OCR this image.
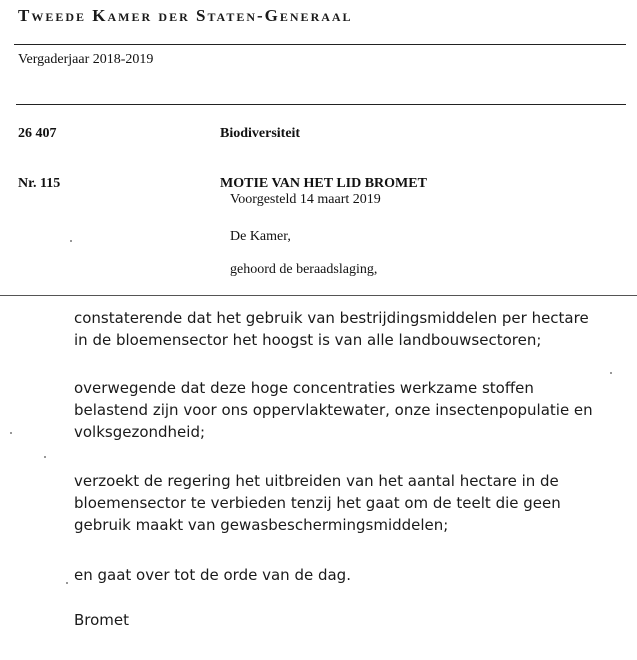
Tweede Kamer der Staten-Generaal
Vergaderjaar 2018-2019
26 407	Biodiversiteit
Nr. 115	MOTIE VAN HET LID BROMET
Voorgesteld 14 maart 2019
De Kamer,
gehoord de beraadslaging,
constaterende dat het gebruik van bestrijdingsmiddelen per hectare
in de bloemensector het hoogst is van alle landbouwsectoren;
overwegende dat deze hoge concentraties werkzame stoffen
belastend zijn voor ons oppervlaktewater, onze insectenpopulatie en
volksgezondheid;
verzoekt de regering het uitbreiden van het aantal hectare in de
bloemensector te verbieden tenzij het gaat om de teelt die geen
gebruik maakt van gewasbeschermingsmiddelen;
en gaat over tot de orde van de dag.
Bromet
